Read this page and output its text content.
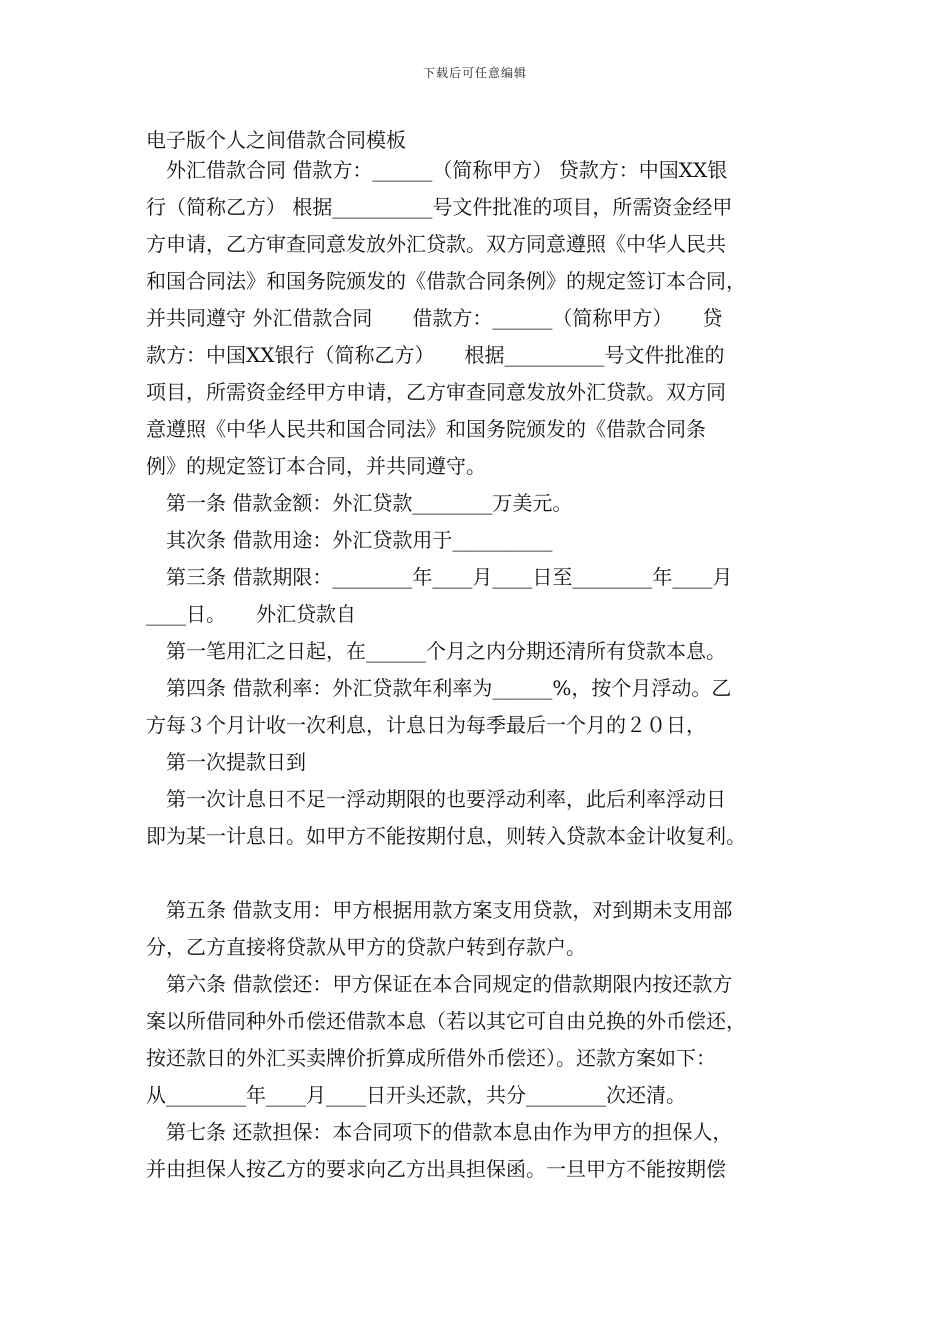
下载后可任意编辑
电子版个人之间借款合同模板
　外汇借款合同 借款方：______（简称甲方） 贷款方：中国XX银
行（简称乙方） 根据__________号文件批准的项目，所需资金经甲
方申请，乙方审查同意发放外汇贷款。双方同意遵照《中华人民共
和国合同法》和国务院颁发的《借款合同条例》的规定签订本合同，
并共同遵守 外汇借款合同　　借款方：______（简称甲方）　　贷
款方：中国XX银行（简称乙方）　　根据__________号文件批准的
项目，所需资金经甲方申请，乙方审查同意发放外汇贷款。双方同
意遵照《中华人民共和国合同法》和国务院颁发的《借款合同条
例》的规定签订本合同，并共同遵守。
　第一条 借款金额：外汇贷款________万美元。
　其次条 借款用途：外汇贷款用于__________
　第三条 借款期限：________年____月____日至________年____月
____日。　　外汇贷款自
　第一笔用汇之日起，在______个月之内分期还清所有贷款本息。
　第四条 借款利率：外汇贷款年利率为______%，按个月浮动。乙
方每３个月计收一次利息，计息日为每季最后一个月的２０日，
　第一次提款日到
　第一次计息日不足一浮动期限的也要浮动利率，此后利率浮动日
即为某一计息日。如甲方不能按期付息，则转入贷款本金计收复利。
　第五条 借款支用：甲方根据用款方案支用贷款，对到期未支用部
分，乙方直接将贷款从甲方的贷款户转到存款户。
　第六条 借款偿还：甲方保证在本合同规定的借款期限内按还款方
案以所借同种外币偿还借款本息（若以其它可自由兑换的外币偿还，
按还款日的外汇买卖牌价折算成所借外币偿还）。还款方案如下：
从________年____月____日开头还款，共分________次还清。
　第七条 还款担保：本合同项下的借款本息由作为甲方的担保人，
并由担保人按乙方的要求向乙方出具担保函。一旦甲方不能按期偿
